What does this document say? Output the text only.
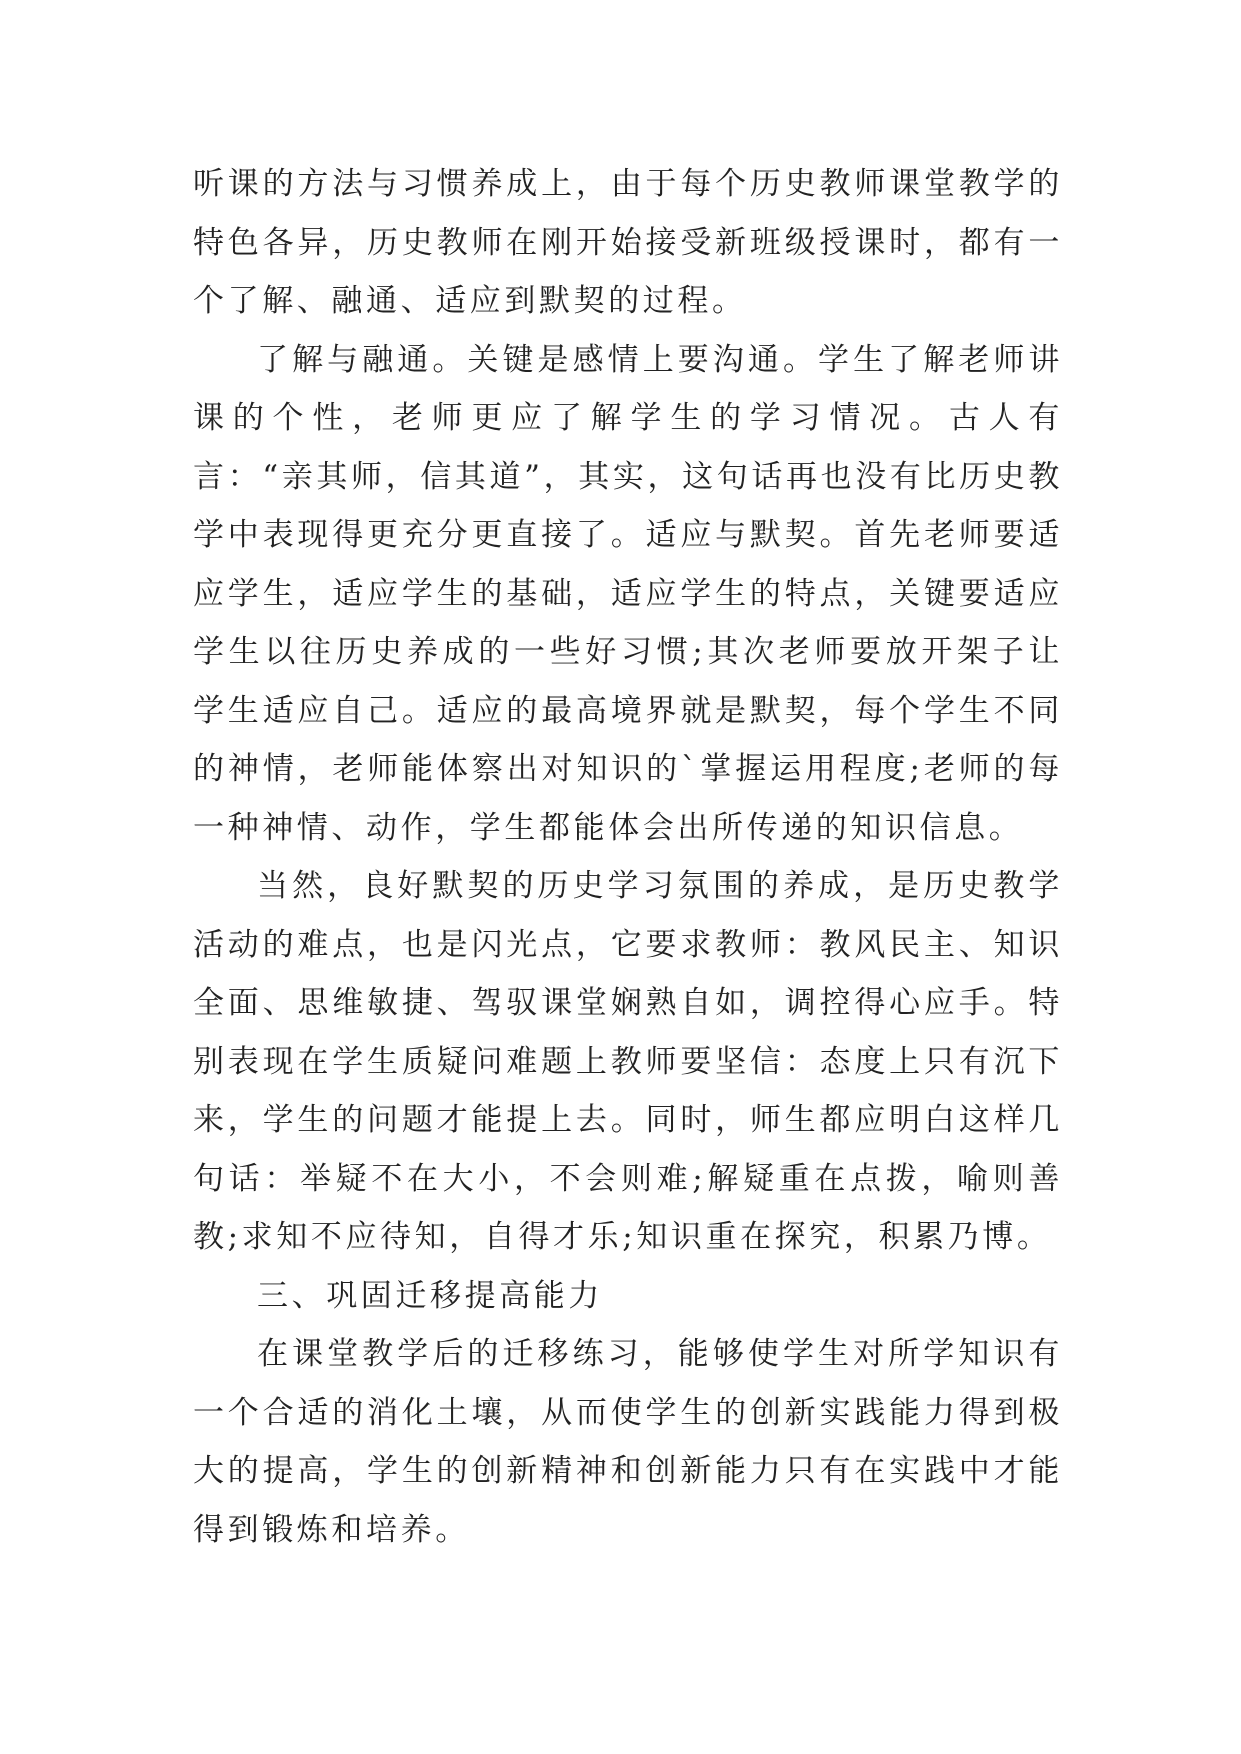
听课的方法与习惯养成上，由于每个历史教师课堂教学的特色各异，历史教师在刚开始接受新班级授课时，都有一个了解、融通、适应到默契的过程。

了解与融通。关键是感情上要沟通。学生了解老师讲课的个性，老师更应了解学生的学习情况。古人有言：“亲其师，信其道”，其实，这句话再也没有比历史教学中表现得更充分更直接了。适应与默契。首先老师要适应学生，适应学生的基础，适应学生的特点，关键要适应学生以往历史养成的一些好习惯;其次老师要放开架子让学生适应自己。适应的最高境界就是默契，每个学生不同的神情，老师能体察出对知识的`掌握运用程度;老师的每一种神情、动作，学生都能体会出所传递的知识信息。

当然，良好默契的历史学习氛围的养成，是历史教学活动的难点，也是闪光点，它要求教师：教风民主、知识全面、思维敏捷、驾驭课堂娴熟自如，调控得心应手。特别表现在学生质疑问难题上教师要坚信：态度上只有沉下来，学生的问题才能提上去。同时，师生都应明白这样几句话：举疑不在大小，不会则难;解疑重在点拨，喻则善教;求知不应待知，自得才乐;知识重在探究，积累乃博。

三、巩固迁移提高能力

在课堂教学后的迁移练习，能够使学生对所学知识有一个合适的消化土壤，从而使学生的创新实践能力得到极大的提高，学生的创新精神和创新能力只有在实践中才能得到锻炼和培养。
